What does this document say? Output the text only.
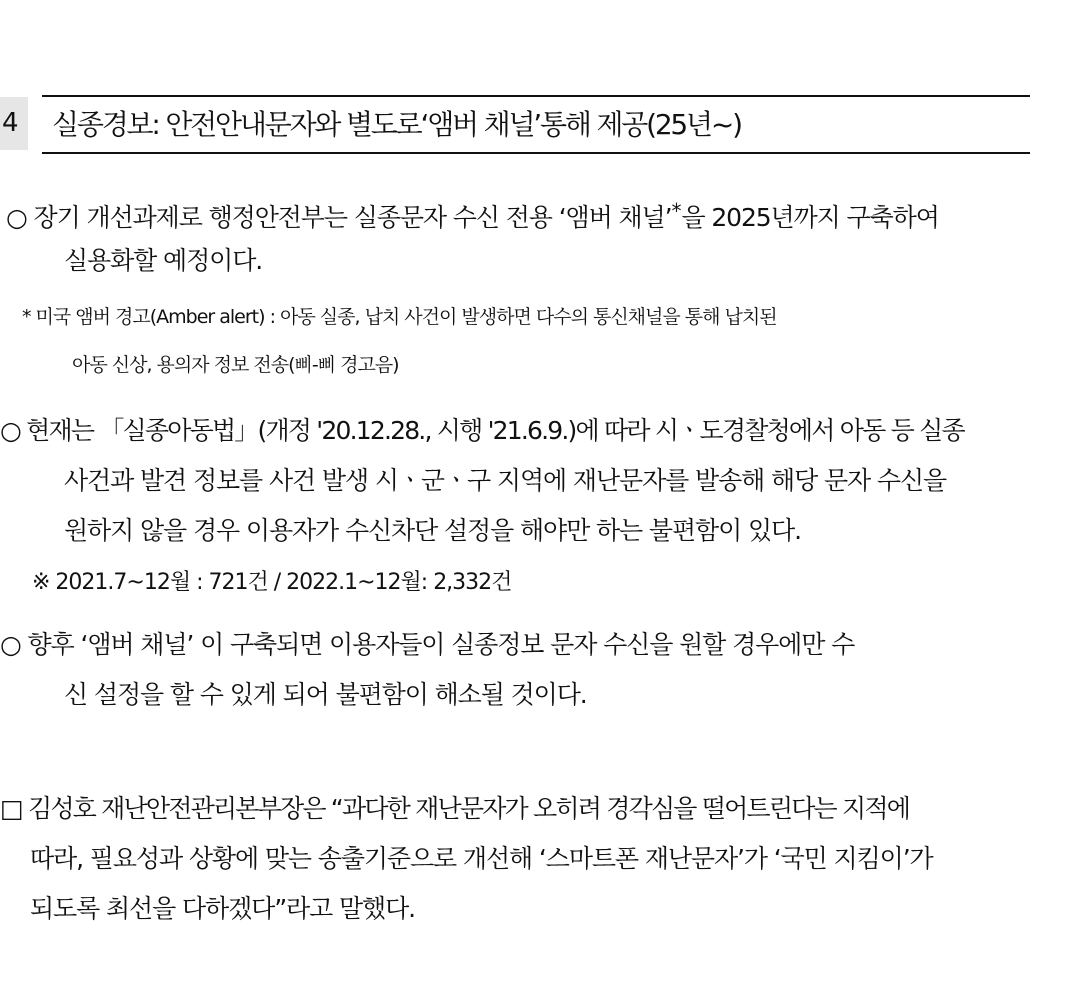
4	실종경보: 안전안내문자와 별도로‘앰버 채널’통해 제공(25년~)
○ 장기 개선과제로 행정안전부는 실종문자 수신 전용 ‘앰버 채널’*을 2025년까지 구축하여
실용화할 예정이다.
* 미국 앰버 경고(Amber alert) : 아동 실종, 납치 사건이 발생하면 다수의 통신채널을 통해 납치된
아동 신상, 용의자 정보 전송(삐-삐 경고음)
○ 현재는 「실종아동법」(개정 '20.12.28., 시행 '21.6.9.)에 따라 시ㆍ도경찰청에서 아동 등 실종
사건과 발견 정보를 사건 발생 시ㆍ군ㆍ구 지역에 재난문자를 발송해 해당 문자 수신을
원하지 않을 경우 이용자가 수신차단 설정을 해야만 하는 불편함이 있다.
※ 2021.7~12월 : 721건 / 2022.1~12월: 2,332건
○ 향후 ‘앰버 채널’ 이 구축되면 이용자들이 실종정보 문자 수신을 원할 경우에만 수
신 설정을 할 수 있게 되어 불편함이 해소될 것이다.
□ 김성호 재난안전관리본부장은 “과다한 재난문자가 오히려 경각심을 떨어트린다는 지적에
따라, 필요성과 상황에 맞는 송출기준으로 개선해 ‘스마트폰 재난문자’가 ‘국민 지킴이’가
되도록 최선을 다하겠다”라고 말했다.
